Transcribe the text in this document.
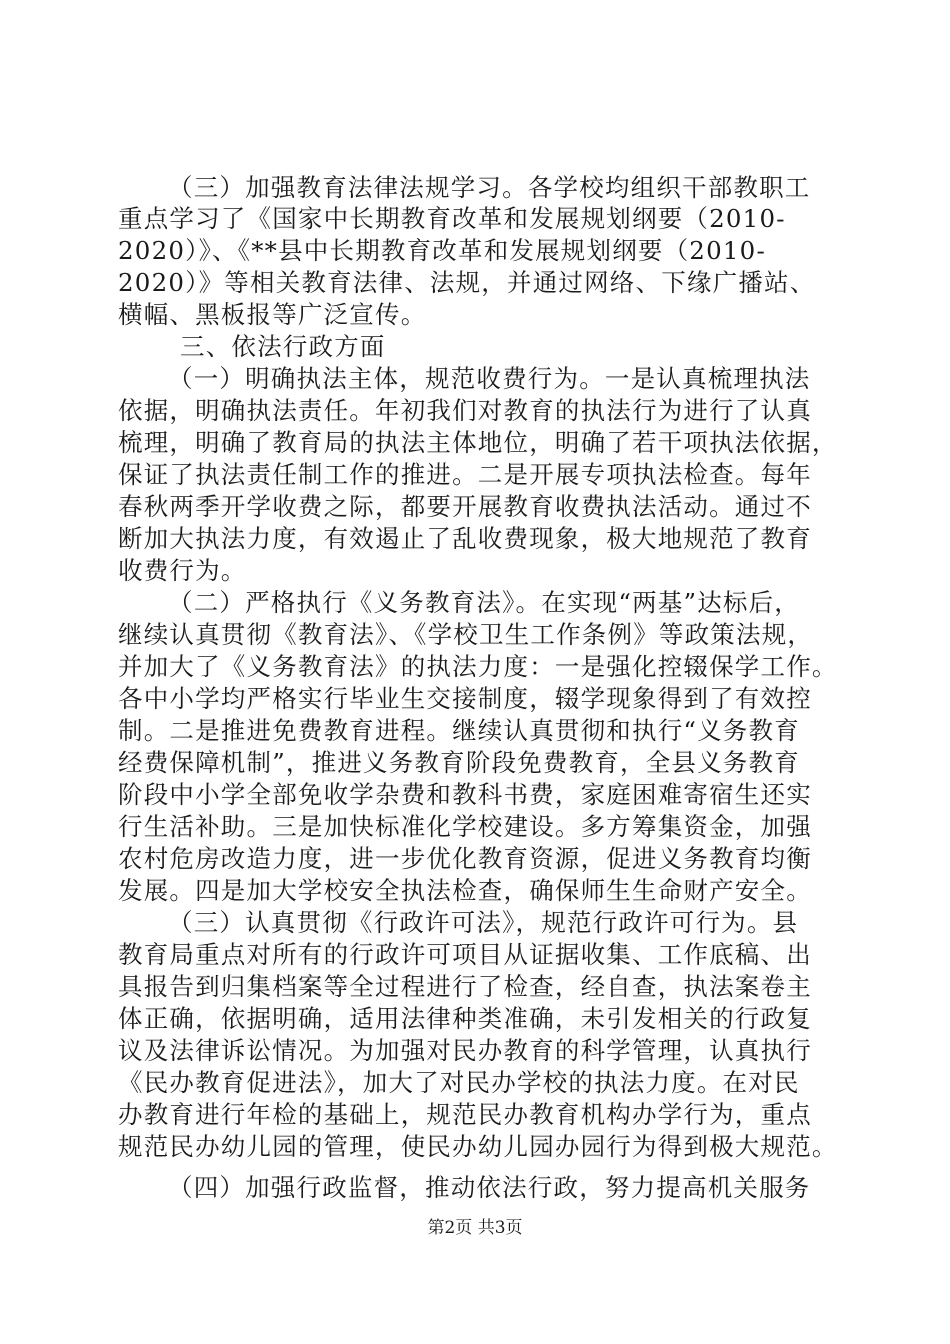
（三）加强教育法律法规学习。各学校均组织干部教职工
重点学习了《国家中长期教育改革和发展规划纲要（2010-
2020）》、《**县中长期教育改革和发展规划纲要（2010-
2020）》等相关教育法律、法规，并通过网络、下缘广播站、
横幅、黑板报等广泛宣传。
三、依法行政方面
（一）明确执法主体，规范收费行为。一是认真梳理执法
依据，明确执法责任。年初我们对教育的执法行为进行了认真
梳理，明确了教育局的执法主体地位，明确了若干项执法依据，
保证了执法责任制工作的推进。二是开展专项执法检查。每年
春秋两季开学收费之际，都要开展教育收费执法活动。通过不
断加大执法力度，有效遏止了乱收费现象，极大地规范了教育
收费行为。
（二）严格执行《义务教育法》。在实现“两基”达标后，
继续认真贯彻《教育法》、《学校卫生工作条例》等政策法规，
并加大了《义务教育法》的执法力度：一是强化控辍保学工作。
各中小学均严格实行毕业生交接制度，辍学现象得到了有效控
制。二是推进免费教育进程。继续认真贯彻和执行“义务教育
经费保障机制”，推进义务教育阶段免费教育，全县义务教育
阶段中小学全部免收学杂费和教科书费，家庭困难寄宿生还实
行生活补助。三是加快标准化学校建设。多方筹集资金，加强
农村危房改造力度，进一步优化教育资源，促进义务教育均衡
发展。四是加大学校安全执法检查，确保师生生命财产安全。
（三）认真贯彻《行政许可法》，规范行政许可行为。县
教育局重点对所有的行政许可项目从证据收集、工作底稿、出
具报告到归集档案等全过程进行了检查，经自查，执法案卷主
体正确，依据明确，适用法律种类准确，未引发相关的行政复
议及法律诉讼情况。为加强对民办教育的科学管理，认真执行
《民办教育促进法》，加大了对民办学校的执法力度。在对民
办教育进行年检的基础上，规范民办教育机构办学行为，重点
规范民办幼儿园的管理，使民办幼儿园办园行为得到极大规范。
（四）加强行政监督，推动依法行政，努力提高机关服务
第2页 共3页
